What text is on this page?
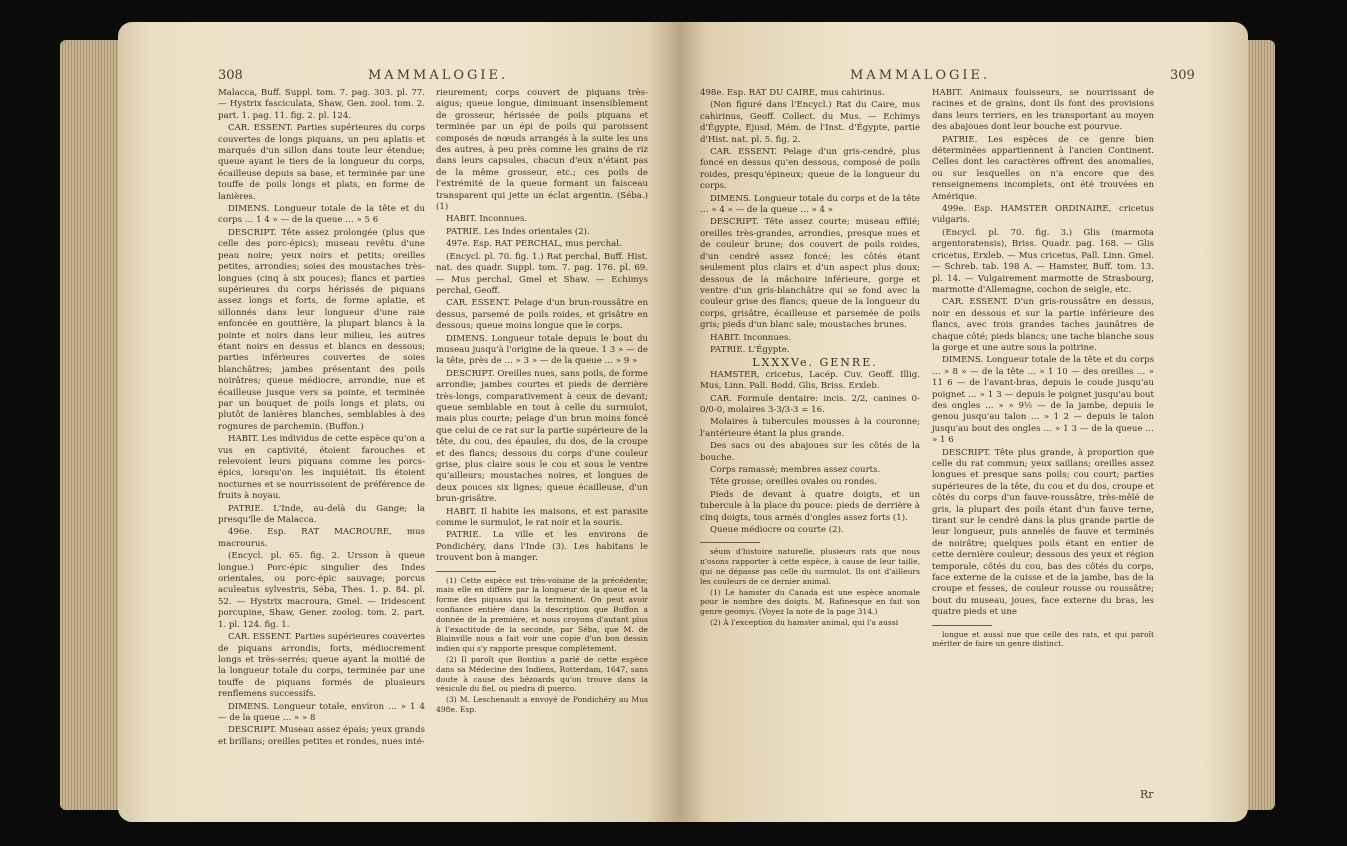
308	MAMMALOGIE.

Malacca, Buff. Suppl. tom. 7. pag. 303. pl. 77. — Hystrix fasciculata, Shaw, Gen. zool. tom. 2. part. 1. pag. 11. fig. 2. pl. 124.

CAR. ESSENT. Parties supérieures du corps couvertes de longs piquans, un peu aplatis et marqués d'un sillon dans toute leur étendue; queue ayant le tiers de la longueur du corps, écailleuse depuis sa base, et terminée par une touffe de poils longs et plats, en forme de lanières.

DIMENS. Longueur totale de la tête et du corps … 1 4 » — de la queue … » 5 6

DESCRIPT. Tête assez prolongée (plus que celle des porc-épics); museau revêtu d'une peau noire; yeux noirs et petits; oreilles petites, arrondies; soies des moustaches très-longues (cinq à six pouces); flancs et parties supérieures du corps hérissés de piquans assez longs et forts, de forme aplatie, et sillonnés dans leur longueur d'une raie enfoncée en gouttière, la plupart blancs à la pointe et noirs dans leur milieu, les autres étant noirs en dessus et blancs en dessous; parties inférieures couvertes de soies blanchâtres; jambes présentant des poils noirâtres; queue médiocre, arrondie, nue et écailleuse jusque vers sa pointe, et terminée par un bouquet de poils longs et plats, ou plutôt de lanières blanches, semblables à des rognures de parchemin. (Buffon.)

HABIT. Les individus de cette espèce qu'on a vus en captivité, étoient farouches et relevoient leurs piquans comme les porcs-épics, lorsqu'on les inquiétoit. Ils étoient nocturnes et se nourrissoient de préférence de fruits à noyau.

PATRIE. L'Inde, au-delà du Gange; la presqu'île de Malacca.

496e. Esp. RAT MACROURE, mus macrourus.

(Encycl. pl. 65. fig. 2. Ursson à queue longue.) Porc-épic singulier des Indes orientales, ou porc-épic sauvage; porcus aculeatus sylvestris, Séba, Thes. 1. p. 84. pl. 52. — Hystrix macroura, Gmel. — Iridescent porcupine, Shaw, Gener. zoolog. tom. 2. part. 1. pl. 124. fig. 1.

CAR. ESSENT. Parties supérieures couvertes de piquans arrondis, forts, médiocrement longs et très-serrés; queue ayant la moitié de la longueur totale du corps, terminée par une touffe de piquans formés de plusieurs renflemens successifs.

DIMENS. Longueur totale, environ … » 1 4 — de la queue … » » 8

DESCRIPT. Museau assez épais; yeux grands et brillans; oreilles petites et rondes, nues inté-

rieurement; corps couvert de piquans très-aigus; queue longue, diminuant insensiblement de grosseur, hérissée de poils piquans et terminée par un épi de poils qui paroissent composés de nœuds arrangés à la suite les uns des autres, à peu près comme les grains de riz dans leurs capsules, chacun d'eux n'étant pas de la même grosseur, etc.; ces poils de l'extrémité de la queue formant un faisceau transparent qui jette un éclat argentin. (Séba.) (1)

HABIT. Inconnues.

PATRIE. Les Indes orientales (2).

497e. Esp. RAT PERCHAL, mus perchal.

(Encycl. pl. 70. fig. 1.) Rat perchal, Buff. Hist. nat. des quadr. Suppl. tom. 7. pag. 176. pl. 69. — Mus perchal, Gmel et Shaw. — Echimys perchal, Geoff.

CAR. ESSENT. Pelage d'un brun-roussâtre en dessus, parsemé de poils roides, et grisâtre en dessous; queue moins longue que le corps.

DIMENS. Longueur totale depuis le bout du museau jusqu'à l'origine de la queue. 1 3 » — de la tête, près de … » 3 » — de la queue … » 9 »

DESCRIPT. Oreilles nues, sans poils, de forme arrondie; jambes courtes et pieds de derrière très-longs, comparativement à ceux de devant; queue semblable en tout à celle du surmulot, mais plus courte; pelage d'un brun moins foncé que celui de ce rat sur la partie supérieure de la tête, du cou, des épaules, du dos, de la croupe et des flancs; dessous du corps d'une couleur grise, plus claire sous le cou et sous le ventre qu'ailleurs; moustaches noires, et longues de deux pouces six lignes; queue écailleuse, d'un brun-grisâtre.

HABIT. Il habite les maisons, et est parasite comme le surmulot, le rat noir et la souris.

PATRIE. La ville et les environs de Pondichéry, dans l'Inde (3). Les habitans le trouvent bon à manger.

(1) Cette espèce est très-voisine de la précédente; mais elle en diffère par la longueur de la queue et la forme des piquans qui la terminent. On peut avoir confiance entière dans la description que Buffon a donnée de la première, et nous croyons d'autant plus à l'exactitude de la seconde, par Séba, que M. de Blainville nous a fait voir une copie d'un bon dessin indien qui s'y rapporte presque complètement.

(2) Il paroît que Bontius a parlé de cette espèce dans sa Médecine des Indiens, Rotterdam, 1647, sans doute à cause des bézoards qu'on trouve dans la vésicule du fiel, ou piedra di puerco.

(3) M. Leschenault a envoyé de Pondichéry au Mus 498e. Esp.

MAMMALOGIE.	309

498e. Esp. RAT DU CAIRE, mus cahirinus.

(Non figuré dans l'Encycl.) Rat du Caire, mus cahirinus, Geoff. Collect. du Mus. — Echimys d'Égypte, Ejusd. Mém. de l'Inst. d'Égypte, partie d'Hist. nat. pl. 5. fig. 2.

CAR. ESSENT. Pelage d'un gris-cendré, plus foncé en dessus qu'en dessous, composé de poils roides, presqu'épineux; queue de la longueur du corps.

DIMENS. Longueur totale du corps et de la tête … » 4 » — de la queue … » 4 »

DESCRIPT. Tête assez courte; museau effilé; oreilles très-grandes, arrondies, presque nues et de couleur brune; dos couvert de poils roides, d'un cendré assez foncé; les côtés étant seulement plus clairs et d'un aspect plus doux; dessous de la mâchoire inférieure, gorge et ventre d'un gris-blanchâtre qui se fond avec la couleur grise des flancs; queue de la longueur du corps, grisâtre, écailleuse et parsemée de poils gris; pieds d'un blanc sale; moustaches brunes.

HABIT. Inconnues.

PATRIE. L'Égypte.

LXXXVe. GENRE.

HAMSTER, cricetus, Lacép. Cuv. Geoff. Illig. Mus, Linn. Pall. Bodd. Glis, Briss. Erxleb.

CAR. Formule dentaire: incis. 2/2, canines 0-0/0-0, molaires 3-3/3-3 = 16.

Molaires à tubercules mousses à la couronne; l'antérieure étant la plus grande.

Des sacs ou des abajoues sur les côtés de la bouche.

Corps ramassé; membres assez courts.

Tête grosse; oreilles ovales ou rondes.

Pieds de devant à quatre doigts, et un tubercule à la place du pouce: pieds de derrière à cinq doigts, tous armés d'ongles assez forts (1).

Queue médiocre ou courte (2).

séum d'histoire naturelle, plusieurs rats que nous n'osons rapporter à cette espèce, à cause de leur taille, qui ne dépasse pas celle du surmulot. Ils ont d'ailleurs les couleurs de ce dernier animal.

(1) Le hamster du Canada est une espèce anomale pour le nombre des doigts. M. Rafinesque en fait son genre geomys. (Voyez la note de la page 314.)

(2) À l'exception du hamster animal, qui l'a aussi

HABIT. Animaux fouisseurs, se nourrissant de racines et de grains, dont ils font des provisions dans leurs terriers, en les transportant au moyen des abajoues dont leur bouche est pourvue.

PATRIE. Les espèces de ce genre bien déterminées appartiennent à l'ancien Continent. Celles dont les caractères offrent des anomalies, ou sur lesquelles on n'a encore que des renseignemens incomplets, ont été trouvées en Amérique.

499e. Esp. HAMSTER ORDINAIRE, cricetus vulgaris.

(Encycl. pl. 70. fig. 3.) Glis (marmota argentoratensis), Briss. Quadr. pag. 168. — Glis cricetus, Erxleb. — Mus cricetus, Pall. Linn. Gmel. — Schreb. tab. 198 A. — Hamster, Buff. tom. 13. pl. 14. — Vulgairement marmotte de Strasbourg, marmotte d'Allemagne, cochon de seigle, etc.

CAR. ESSENT. D'un gris-roussâtre en dessus, noir en dessous et sur la partie inférieure des flancs, avec trois grandes taches jaunâtres de chaque côté; pieds blancs; une tache blanche sous la gorge et une autre sous la poitrine.

DIMENS. Longueur totale de la tête et du corps … » 8 » — de la tête … » 1 10 — des oreilles … » 11 6 — de l'avant-bras, depuis le coude jusqu'au poignet … » 1 3 — depuis le poignet jusqu'au bout des ongles … » » 9½ — de la jambe, depuis le genou jusqu'au talon … » 1 2 — depuis le talon jusqu'au bout des ongles … » 1 3 — de la queue … » 1 6

DESCRIPT. Tête plus grande, à proportion que celle du rat commun; yeux saillans; oreilles assez longues et presque sans poils; cou court; parties supérieures de la tête, du cou et du dos, croupe et côtés du corps d'un fauve-roussâtre, très-mêlé de gris, la plupart des poils étant d'un fauve terne, tirant sur le cendré dans la plus grande partie de leur longueur, puis annelés de fauve et terminés de noirâtre; quelques poils étant en entier de cette dernière couleur; dessous des yeux et région temporale, côtés du cou, bas des côtés du corps, face externe de la cuisse et de la jambe, bas de la croupe et fesses, de couleur rousse ou roussâtre; bout du museau, joues, face externe du bras, les quatre pieds et une

longue et aussi nue que celle des rats, et qui paroît mériter de faire un genre distinct.

Rr
